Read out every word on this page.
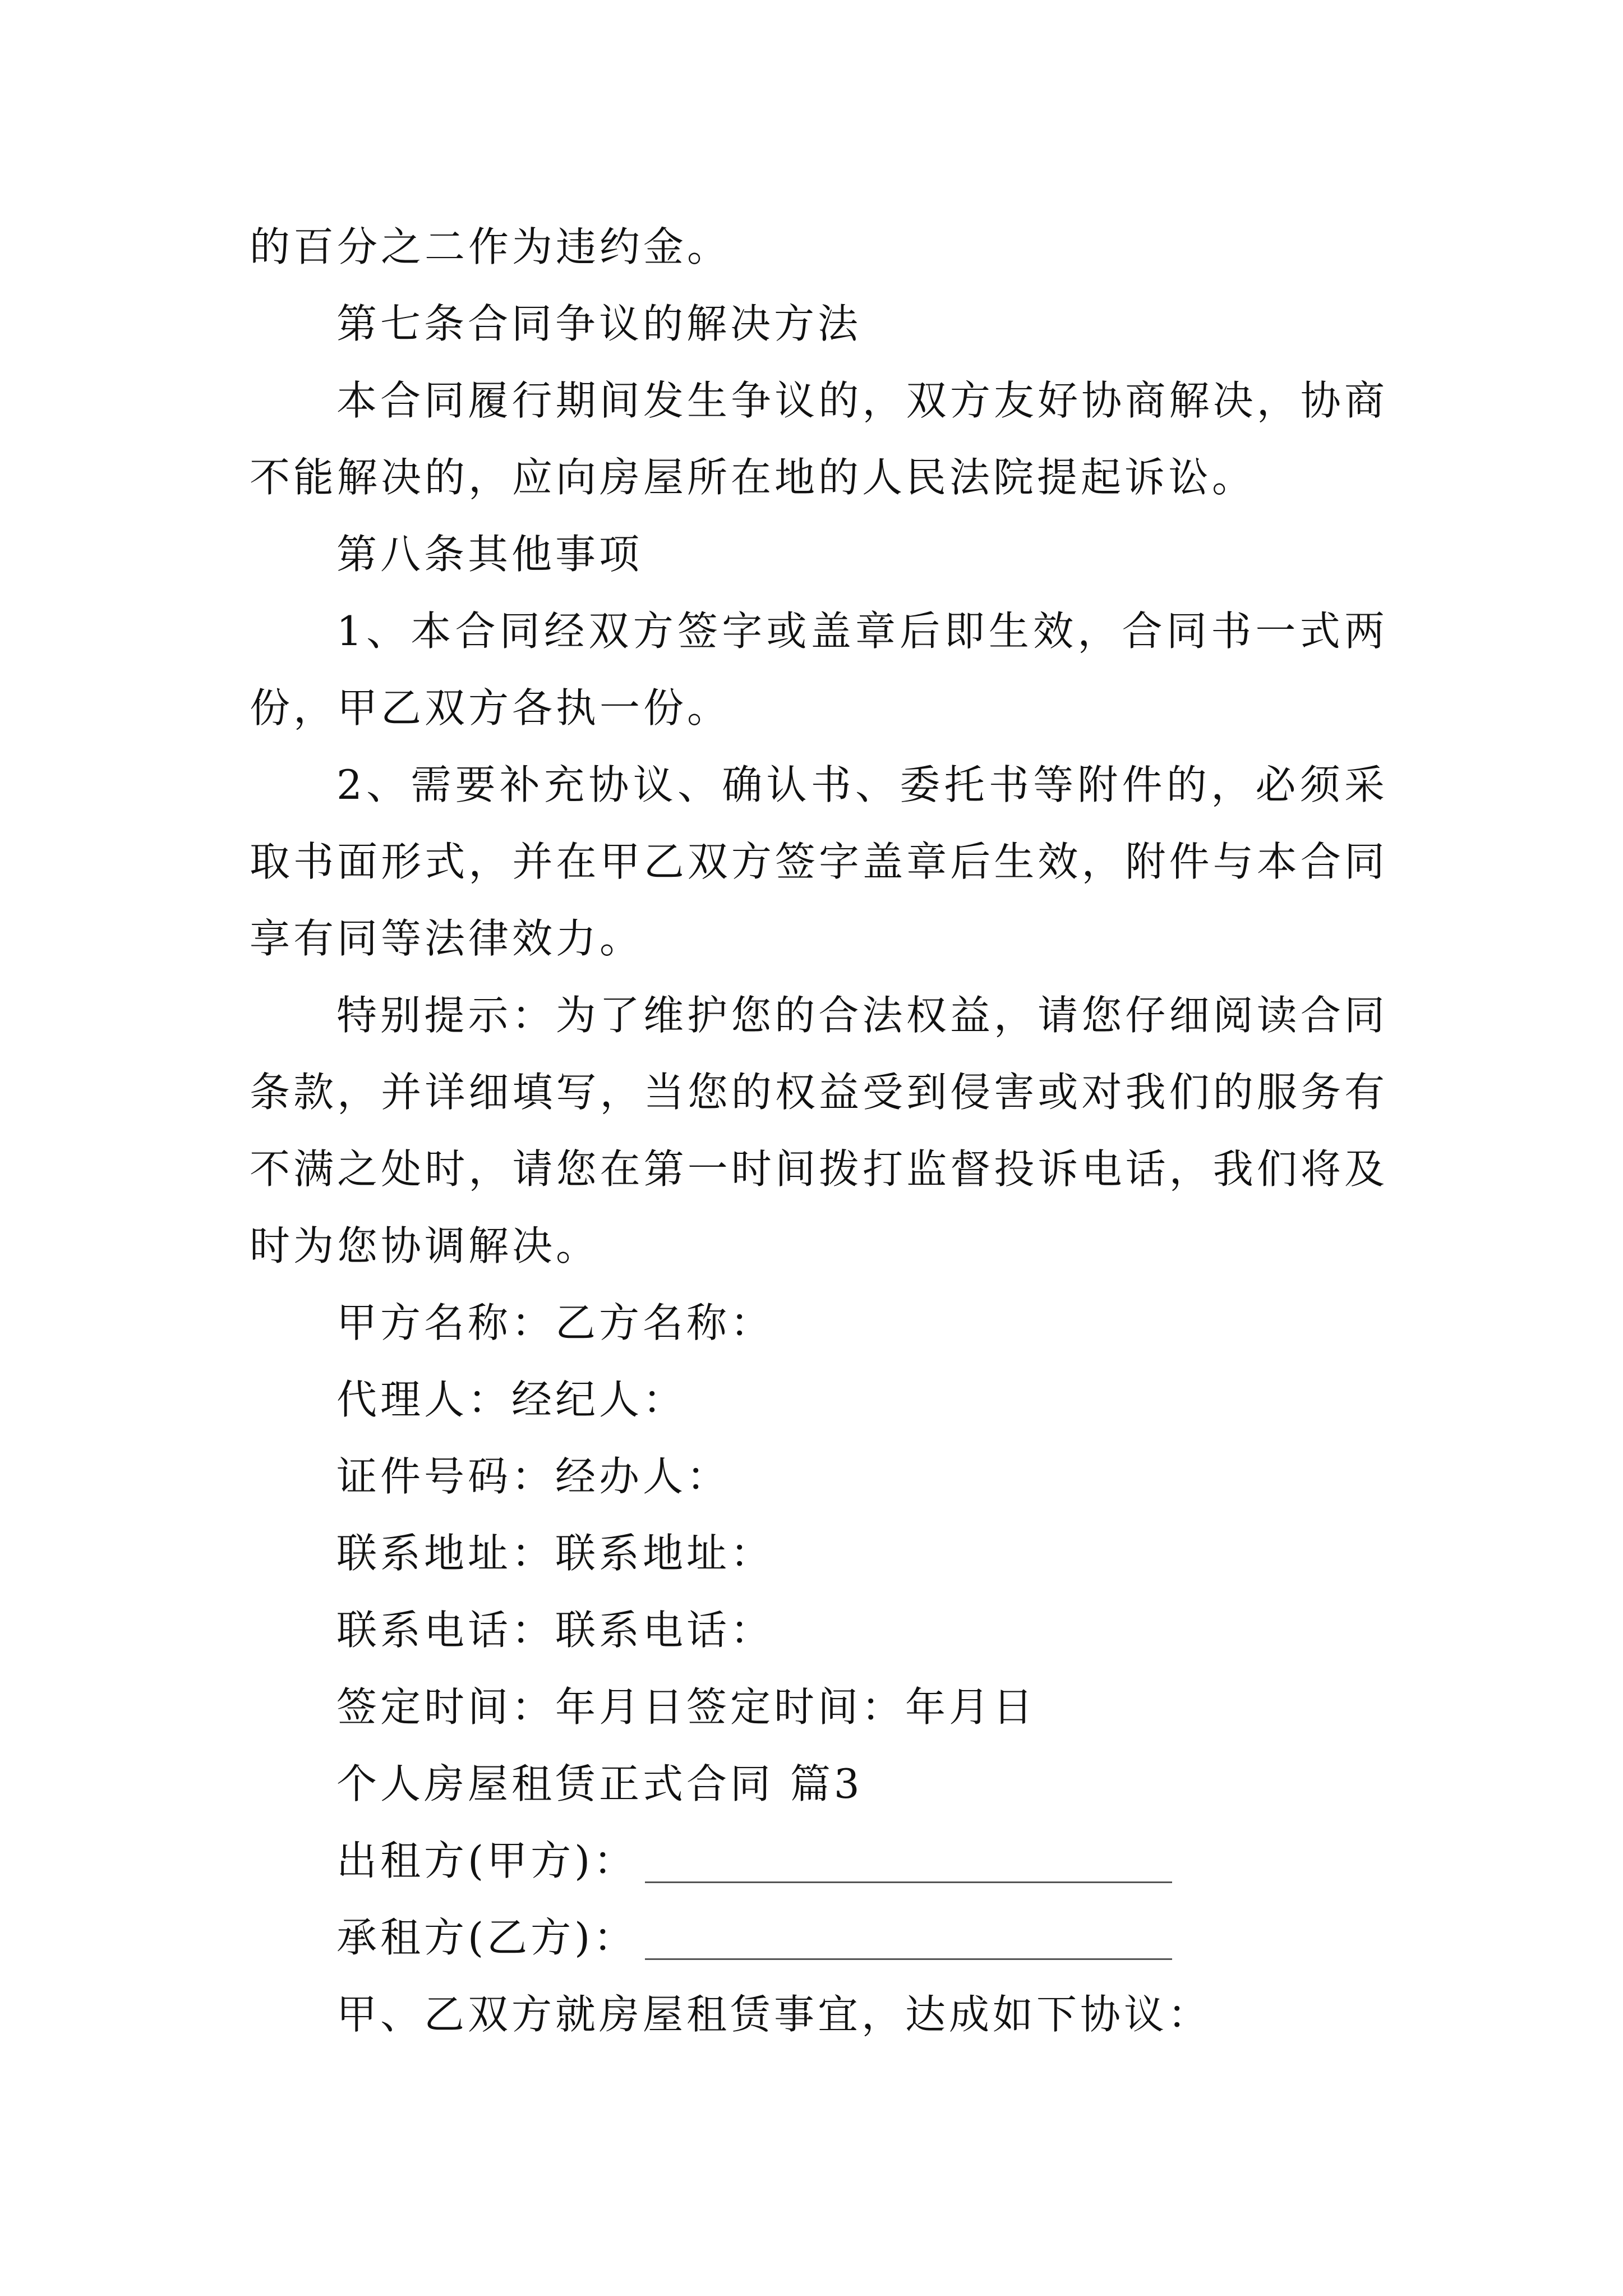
的百分之二作为违约金。
第七条合同争议的解决方法
本合同履行期间发生争议的，双方友好协商解决，协商
不能解决的，应向房屋所在地的人民法院提起诉讼。
第八条其他事项
1、本合同经双方签字或盖章后即生效，合同书一式两
份，甲乙双方各执一份。
2、需要补充协议、确认书、委托书等附件的，必须采
取书面形式，并在甲乙双方签字盖章后生效，附件与本合同
享有同等法律效力。
特别提示：为了维护您的合法权益，请您仔细阅读合同
条款，并详细填写，当您的权益受到侵害或对我们的服务有
不满之处时，请您在第一时间拨打监督投诉电话，我们将及
时为您协调解决。
甲方名称：乙方名称：
代理人：经纪人：
证件号码：经办人：
联系地址：联系地址：
联系电话：联系电话：
签定时间：年月日签定时间：年月日
个人房屋租赁正式合同 篇3
出租方(甲方)：
承租方(乙方)：
甲、乙双方就房屋租赁事宜，达成如下协议：
